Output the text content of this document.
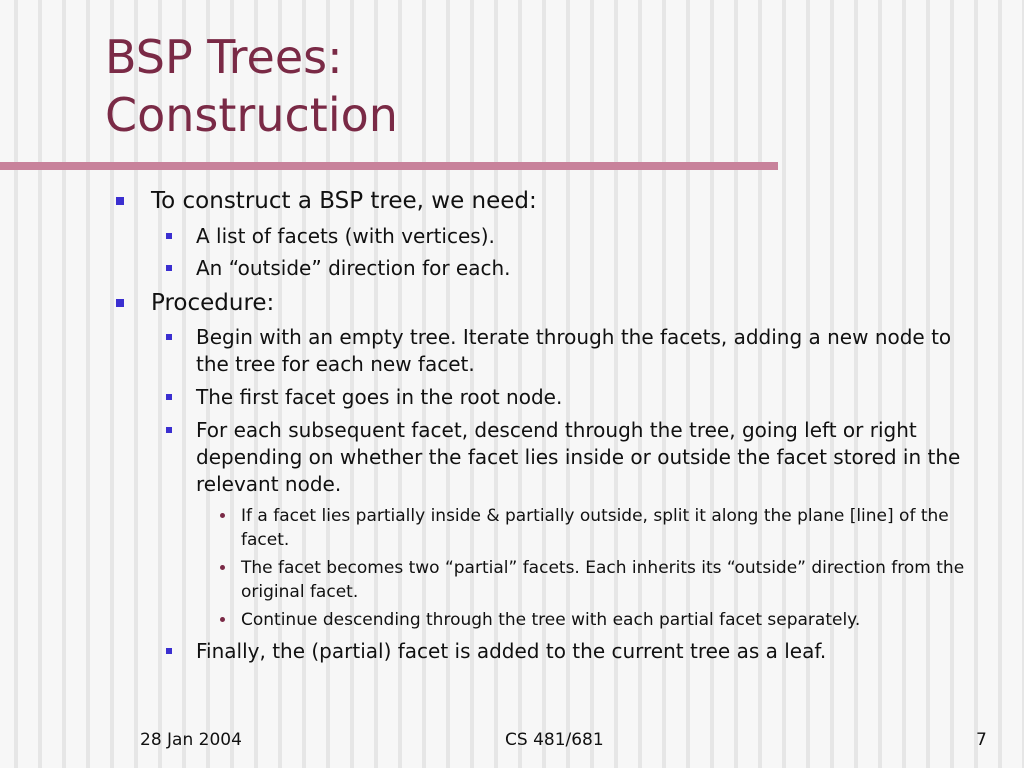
BSP Trees:
Construction
To construct a BSP tree, we need:
A list of facets (with vertices).
An “outside” direction for each.
Procedure:
Begin with an empty tree. Iterate through the facets, adding a new node to the tree for each new facet.
The first facet goes in the root node.
For each subsequent facet, descend through the tree, going left or right depending on whether the facet lies inside or outside the facet stored in the relevant node.
If a facet lies partially inside & partially outside, split it along the plane [line] of the facet.
The facet becomes two “partial” facets. Each inherits its “outside” direction from the original facet.
Continue descending through the tree with each partial facet separately.
Finally, the (partial) facet is added to the current tree as a leaf.
28 Jan 2004	CS 481/681	7
